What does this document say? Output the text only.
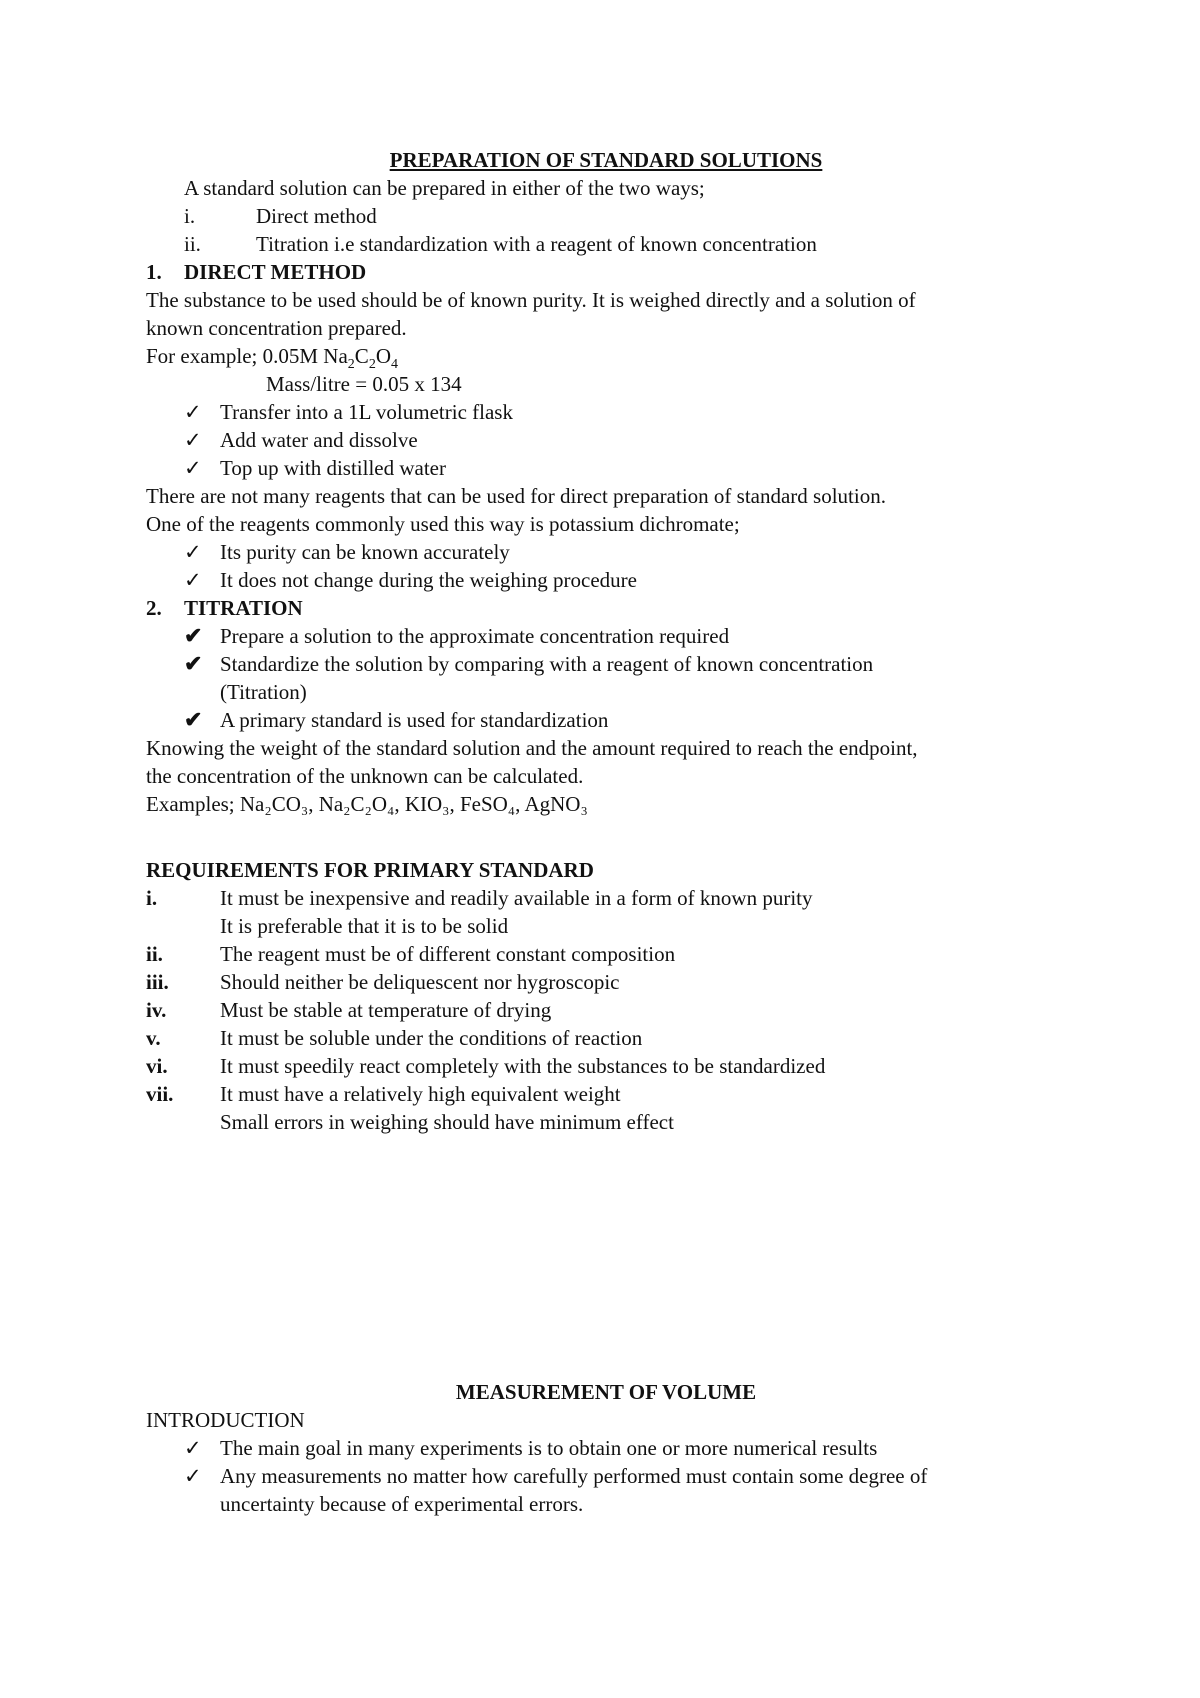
PREPARATION OF STANDARD SOLUTIONS
A standard solution can be prepared in either of the two ways;
i.	Direct method
ii.	Titration i.e standardization with a reagent of known concentration
1. DIRECT METHOD
The substance to be used should be of known purity. It is weighed directly and a solution of
known concentration prepared.
For example; 0.05M $Na_2C_2O_4$
Mass/litre = 0.05 x 134
✓ Transfer into a 1L volumetric flask
✓ Add water and dissolve
✓ Top up with distilled water
There are not many reagents that can be used for direct preparation of standard solution.
One of the reagents commonly used this way is potassium dichromate;
✓ Its purity can be known accurately
✓ It does not change during the weighing procedure
2. TITRATION
✔ Prepare a solution to the approximate concentration required
✔ Standardize the solution by comparing with a reagent of known concentration
(Titration)
✔ A primary standard is used for standardization
Knowing the weight of the standard solution and the amount required to reach the endpoint,
the concentration of the unknown can be calculated.
Examples; Na₂CO₃, Na₂C₂O₄, KIO₃, FeSO₄, AgNO₃
REQUIREMENTS FOR PRIMARY STANDARD
i.	It must be inexpensive and readily available in a form of known purity
It is preferable that it is to be solid
ii.	The reagent must be of different constant composition
iii. Should neither be deliquescent nor hygroscopic
iv.	Must be stable at temperature of drying
v.	It must be soluble under the conditions of reaction
vi. It must speedily react completely with the substances to be standardized
vii. It must have a relatively high equivalent weight
Small errors in weighing should have minimum effect
MEASUREMENT OF VOLUME
INTRODUCTION
✓ The main goal in many experiments is to obtain one or more numerical results
✓ Any measurements no matter how carefully performed must contain some degree of
uncertainty because of experimental errors.
